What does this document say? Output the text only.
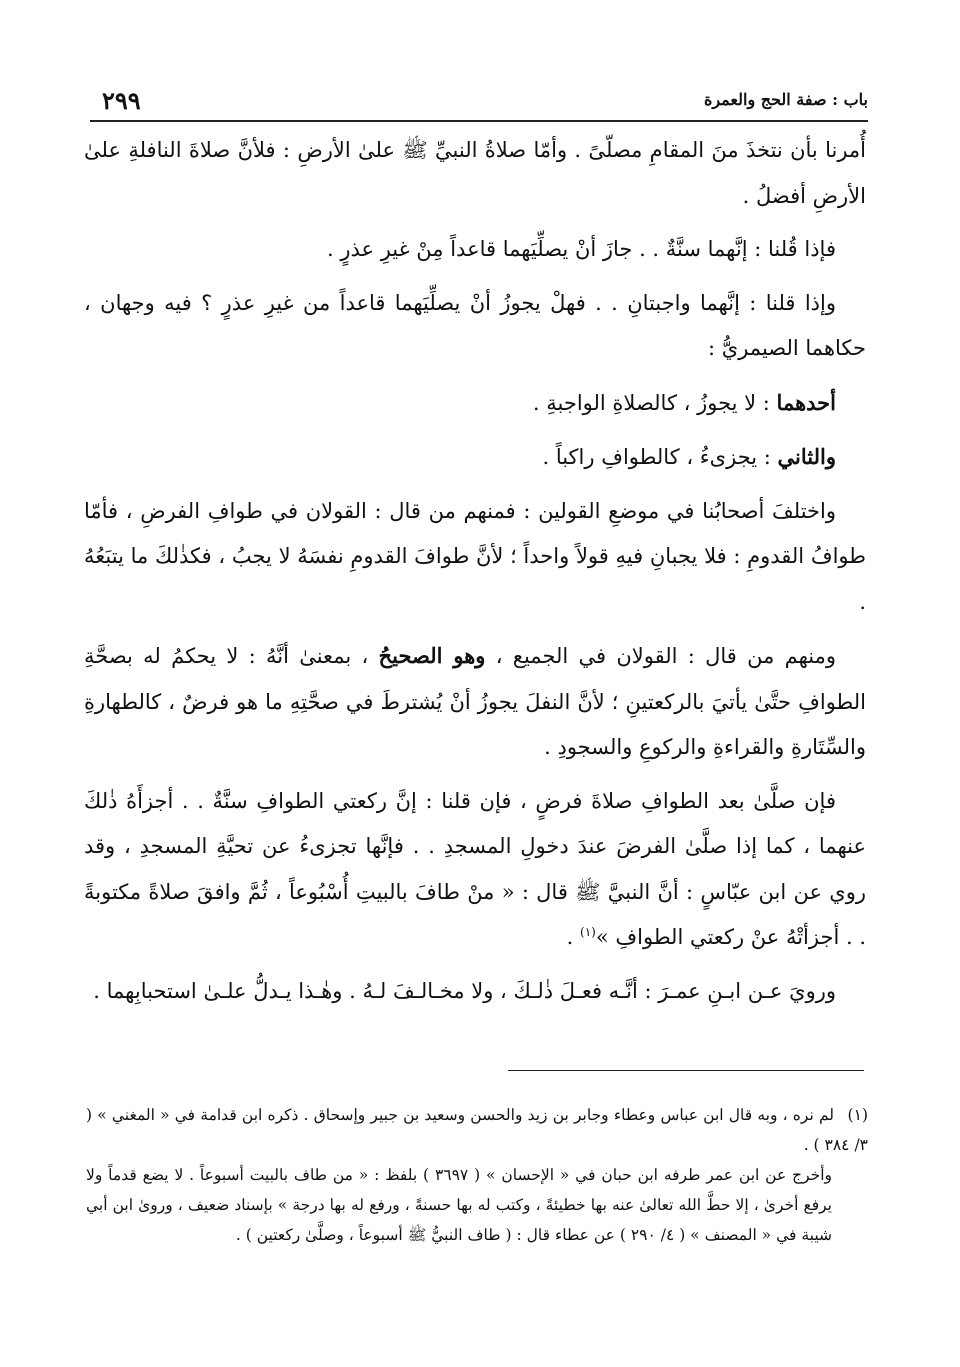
٢٩٩	باب : صفة الحج والعمرة

أُمرنا بأن نتخذَ منَ المقامِ مصلّىً . وأمّا صلاةُ النبيِّ ﷺ علىٰ الأرضِ : فلأنَّ صلاةَ النافلةِ علىٰ الأرضِ أفضلُ .

فإذا قُلنا : إنَّهما سنَّةٌ . . جازَ أنْ يصلِّيَهما قاعداً مِنْ غيرِ عذرٍ .

وإذا قلنا : إنَّهما واجبتانِ . . فهلْ يجوزُ أنْ يصلِّيَهما قاعداً من غيرِ عذرٍ ؟ فيه وجهان ، حكاهما الصيمريُّ :

أحدهما : لا يجوزُ ، كالصلاةِ الواجبةِ .

والثاني : يجزىءُ ، كالطوافِ راكباً .

واختلفَ أصحابُنا في موضعِ القولين : فمنهم من قال : القولان في طوافِ الفرضِ ، فأمّا طوافُ القدومِ : فلا يجبانِ فيهِ قولاً واحداً ؛ لأنَّ طوافَ القدومِ نفسَهُ لا يجبُ ، فكذٰلكَ ما يتبَعُهُ .

ومنهم من قال : القولان في الجميع ، وهو الصحيحُ ، بمعنىٰ أنَّهُ : لا يحكمُ له بصحَّةِ الطوافِ حتَّىٰ يأتيَ بالركعتينِ ؛ لأنَّ النفلَ يجوزُ أنْ يُشترطَ في صحَّتِهِ ما هو فرضٌ ، كالطهارةِ والسِّتَارةِ والقراءةِ والركوعِ والسجودِ .

فإن صلَّىٰ بعد الطوافِ صلاةَ فرضٍ ، فإن قلنا : إنَّ ركعتي الطوافِ سنَّةٌ . . أجزأَهُ ذٰلكَ عنهما ، كما إذا صلَّىٰ الفرضَ عندَ دخولِ المسجدِ . . فإنَّها تجزىءُ عن تحيَّةِ المسجدِ ، وقد روي عن ابن عبّاسٍ : أنَّ النبيَّ ﷺ قال : « منْ طافَ بالبيتِ أُسْبُوعاً ، ثُمَّ وافقَ صلاةً مكتوبةً . . أجزأتْهُ عنْ ركعتي الطوافِ »$^{(١)}$ .

ورويَ عـن ابـنِ عمـرَ : أنَّـه فعـلَ ذٰلـكَ ، ولا مخـالـفَ لـهُ . وهٰـذا يـدلُّ علـىٰ استحبابِهما .

(١)لم نره ، وبه قال ابن عباس وعطاء وجابر بن زيد والحسن وسعيد بن جبير وإسحاق . ذكره ابن قدامة في « المغني » ( ٣/ ٣٨٤ ) .

وأخرج عن ابن عمر طرفه ابن حبان في « الإحسان » ( ٣٦٩٧ ) بلفظ : « من طاف بالبيت أسبوعاً . لا يضع قدماً ولا يرفع أخرىٰ ، إلا حطَّ الله تعالىٰ عنه بها خطيئةً ، وكتب له بها حسنةً ، ورفع له بها درجة » بإسناد ضعيف ، وروىٰ ابن أبي شيبة في « المصنف » ( ٤/ ٢٩٠ ) عن عطاء قال : ( طاف النبيُّ ﷺ أسبوعاً ، وصلَّىٰ ركعتين ) .
